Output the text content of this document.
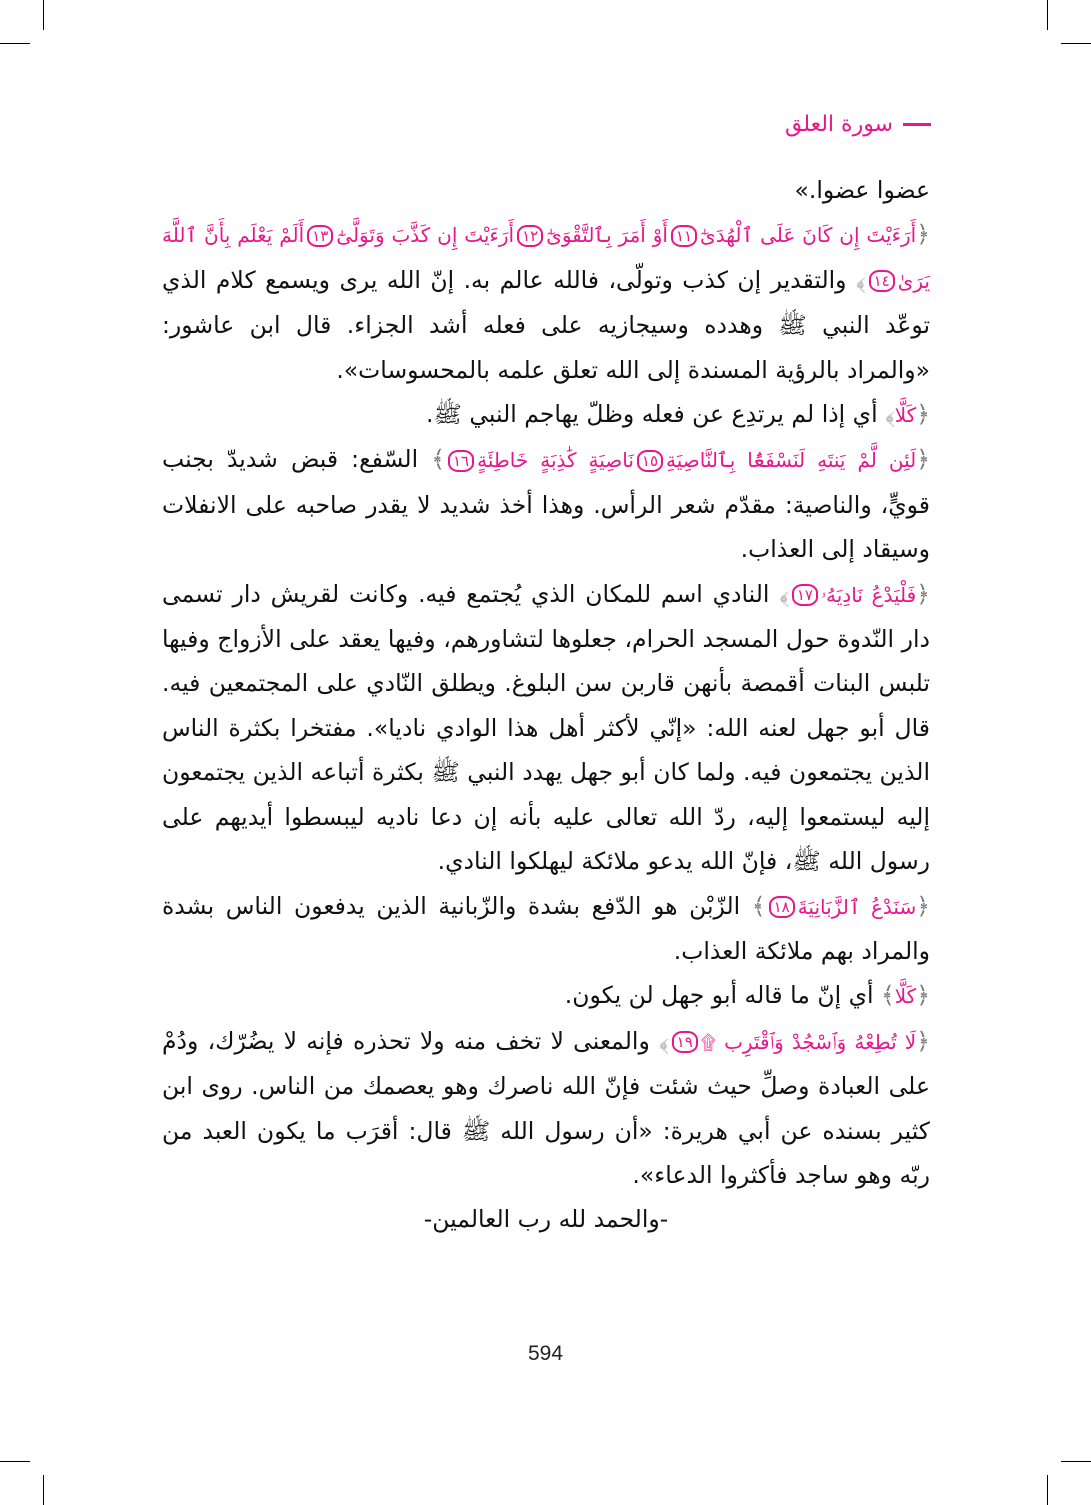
سورة العلق

عضوا عضوا.»

﴿أَرَءَيْتَ إِن كَانَ عَلَى ٱلْهُدَىٰٓ١١أَوْ أَمَرَ بِٱلتَّقْوَىٰٓ١٢أَرَءَيْتَ إِن كَذَّبَ وَتَوَلَّىٰٓ١٣أَلَمْ يَعْلَم بِأَنَّ ٱللَّهَ يَرَىٰ١٤﴾ والتقدير إن كذب وتولّى، فالله عالم به. إنّ الله يرى ويسمع كلام الذي توعّد النبي ﷺ وهدده وسيجازيه على فعله أشد الجزاء. قال ابن عاشور: «والمراد بالرؤية المسندة إلى الله تعلق علمه بالمحسوسات».

﴿كَلَّا﴾ أي إذا لم يرتدِع عن فعله وظلّ يهاجم النبي ﷺ.

﴿لَئِن لَّمْ يَنتَهِ لَنَسْفَعًۢا بِٱلنَّاصِيَةِ١٥نَاصِيَةٍ كَٰذِبَةٍ خَاطِئَةٍ١٦﴾ السّفع: قبض شديدّ بجنب قويٍّ، والناصية: مقدّم شعر الرأس. وهذا أخذ شديد لا يقدر صاحبه على الانفلات وسيقاد إلى العذاب.

﴿فَلْيَدْعُ نَادِيَهُۥ١٧﴾ النادي اسم للمكان الذي يُجتمع فيه. وكانت لقريش دار تسمى دار النّدوة حول المسجد الحرام، جعلوها لتشاورهم، وفيها يعقد على الأزواج وفيها تلبس البنات أقمصة بأنهن قاربن سن البلوغ. ويطلق النّادي على المجتمعين فيه. قال أبو جهل لعنه الله: «إنّي لأكثر أهل هذا الوادي ناديا». مفتخرا بكثرة الناس الذين يجتمعون فيه. ولما كان أبو جهل يهدد النبي ﷺ بكثرة أتباعه الذين يجتمعون إليه ليستمعوا إليه، ردّ الله تعالى عليه بأنه إن دعا ناديه ليبسطوا أيديهم على رسول الله ﷺ، فإنّ الله يدعو ملائكة ليهلكوا النادي.

﴿سَنَدْعُ ٱلزَّبَانِيَةَ١٨﴾ الزّبْن هو الدّفع بشدة والزّبانية الذين يدفعون الناس بشدة والمراد بهم ملائكة العذاب.

﴿كَلَّا﴾ أي إنّ ما قاله أبو جهل لن يكون.

﴿لَا تُطِعْهُ وَٱسْجُدْ وَٱقْتَرِب ۩١٩﴾ والمعنى لا تخف منه ولا تحذره فإنه لا يضُرّك، ودُمْ على العبادة وصلِّ حيث شئت فإنّ الله ناصرك وهو يعصمك من الناس. روى ابن كثير بسنده عن أبي هريرة: «أن رسول الله ﷺ قال: أقرَب ما يكون العبد من ربّه وهو ساجد فأكثروا الدعاء».

-والحمد لله رب العالمين-

594
